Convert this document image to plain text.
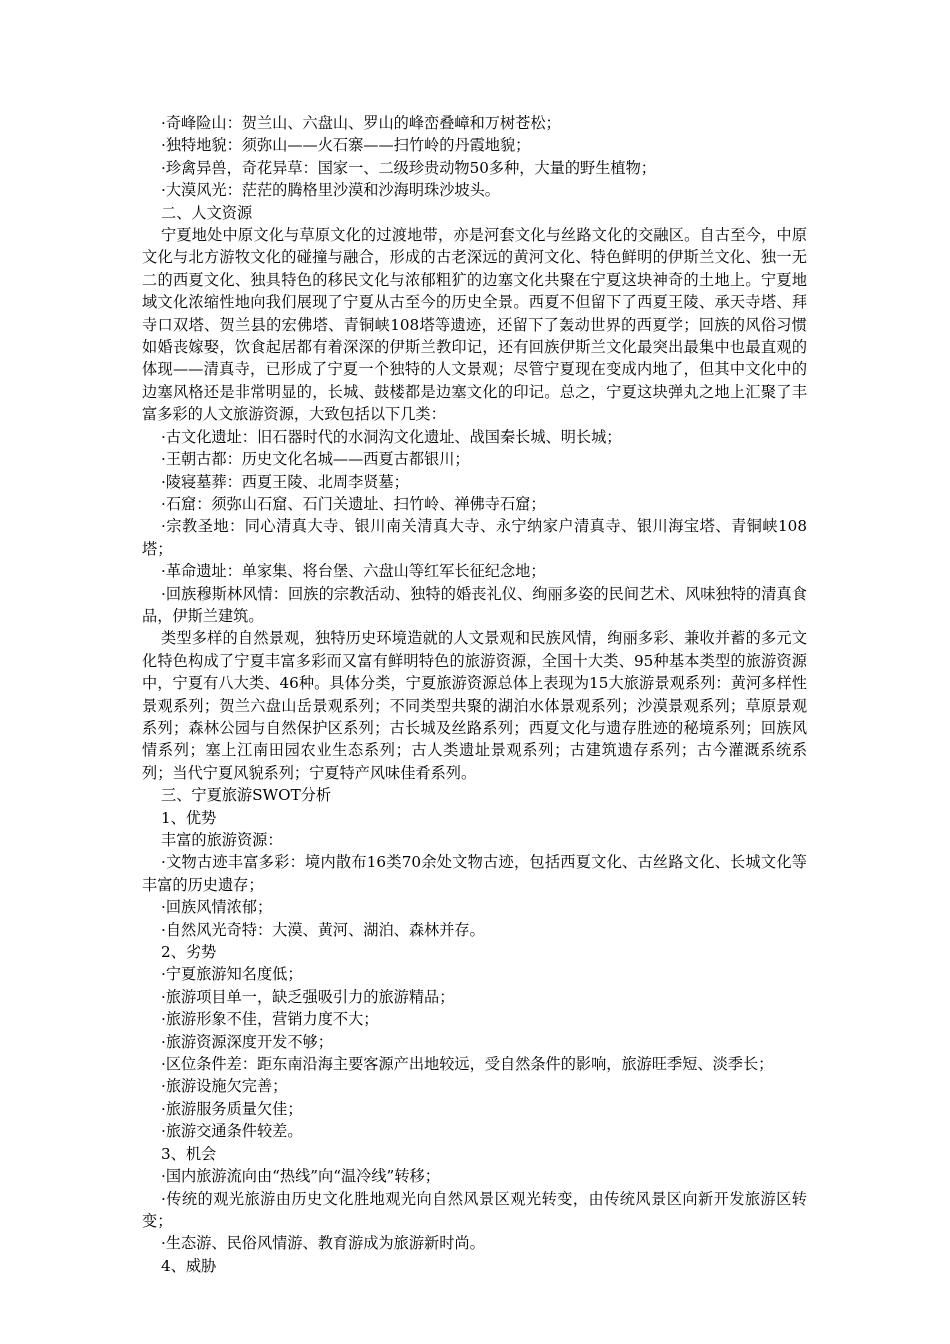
·奇峰险山：贺兰山、六盘山、罗山的峰峦叠嶂和万树苍松；

·独特地貌：须弥山——火石寨——扫竹岭的丹霞地貌；

·珍禽异兽，奇花异草：国家一、二级珍贵动物50多种，大量的野生植物；

·大漠风光：茫茫的腾格里沙漠和沙海明珠沙坡头。

二、人文资源

宁夏地处中原文化与草原文化的过渡地带，亦是河套文化与丝路文化的交融区。自古至今，中原文化与北方游牧文化的碰撞与融合，形成的古老深远的黄河文化、特色鲜明的伊斯兰文化、独一无二的西夏文化、独具特色的移民文化与浓郁粗犷的边塞文化共聚在宁夏这块神奇的土地上。宁夏地域文化浓缩性地向我们展现了宁夏从古至今的历史全景。西夏不但留下了西夏王陵、承天寺塔、拜寺口双塔、贺兰县的宏佛塔、青铜峡108塔等遗迹，还留下了轰动世界的西夏学；回族的风俗习惯如婚丧嫁娶，饮食起居都有着深深的伊斯兰教印记，还有回族伊斯兰文化最突出最集中也最直观的体现——清真寺，已形成了宁夏一个独特的人文景观；尽管宁夏现在变成内地了，但其中文化中的边塞风格还是非常明显的，长城、鼓楼都是边塞文化的印记。总之，宁夏这块弹丸之地上汇聚了丰富多彩的人文旅游资源，大致包括以下几类：

·古文化遗址：旧石器时代的水洞沟文化遗址、战国秦长城、明长城；

·王朝古都：历史文化名城——西夏古都银川；

·陵寝墓葬：西夏王陵、北周李贤墓；

·石窟：须弥山石窟、石门关遗址、扫竹岭、禅佛寺石窟；

·宗教圣地：同心清真大寺、银川南关清真大寺、永宁纳家户清真寺、银川海宝塔、青铜峡108塔；

·革命遗址：单家集、将台堡、六盘山等红军长征纪念地；

·回族穆斯林风情：回族的宗教活动、独特的婚丧礼仪、绚丽多姿的民间艺术、风味独特的清真食品，伊斯兰建筑。

类型多样的自然景观，独特历史环境造就的人文景观和民族风情，绚丽多彩、兼收并蓄的多元文化特色构成了宁夏丰富多彩而又富有鲜明特色的旅游资源，全国十大类、95种基本类型的旅游资源中，宁夏有八大类、46种。具体分类，宁夏旅游资源总体上表现为15大旅游景观系列：黄河多样性景观系列；贺兰六盘山岳景观系列；不同类型共聚的湖泊水体景观系列；沙漠景观系列；草原景观系列；森林公园与自然保护区系列；古长城及丝路系列；西夏文化与遗存胜迹的秘境系列；回族风情系列；塞上江南田园农业生态系列；古人类遗址景观系列；古建筑遗存系列；古今灌溉系统系列；当代宁夏风貌系列；宁夏特产风味佳肴系列。

三、宁夏旅游SWOT分析

1、优势

丰富的旅游资源：

·文物古迹丰富多彩：境内散布16类70余处文物古迹，包括西夏文化、古丝路文化、长城文化等丰富的历史遗存；

·回族风情浓郁；

·自然风光奇特：大漠、黄河、湖泊、森林并存。

2、劣势

·宁夏旅游知名度低；

·旅游项目单一，缺乏强吸引力的旅游精品；

·旅游形象不佳，营销力度不大；

·旅游资源深度开发不够；

·区位条件差：距东南沿海主要客源产出地较远，受自然条件的影响，旅游旺季短、淡季长；

·旅游设施欠完善；

·旅游服务质量欠佳；

·旅游交通条件较差。

3、机会

·国内旅游流向由“热线”向“温冷线”转移；

·传统的观光旅游由历史文化胜地观光向自然风景区观光转变，由传统风景区向新开发旅游区转变；

·生态游、民俗风情游、教育游成为旅游新时尚。

4、威胁
